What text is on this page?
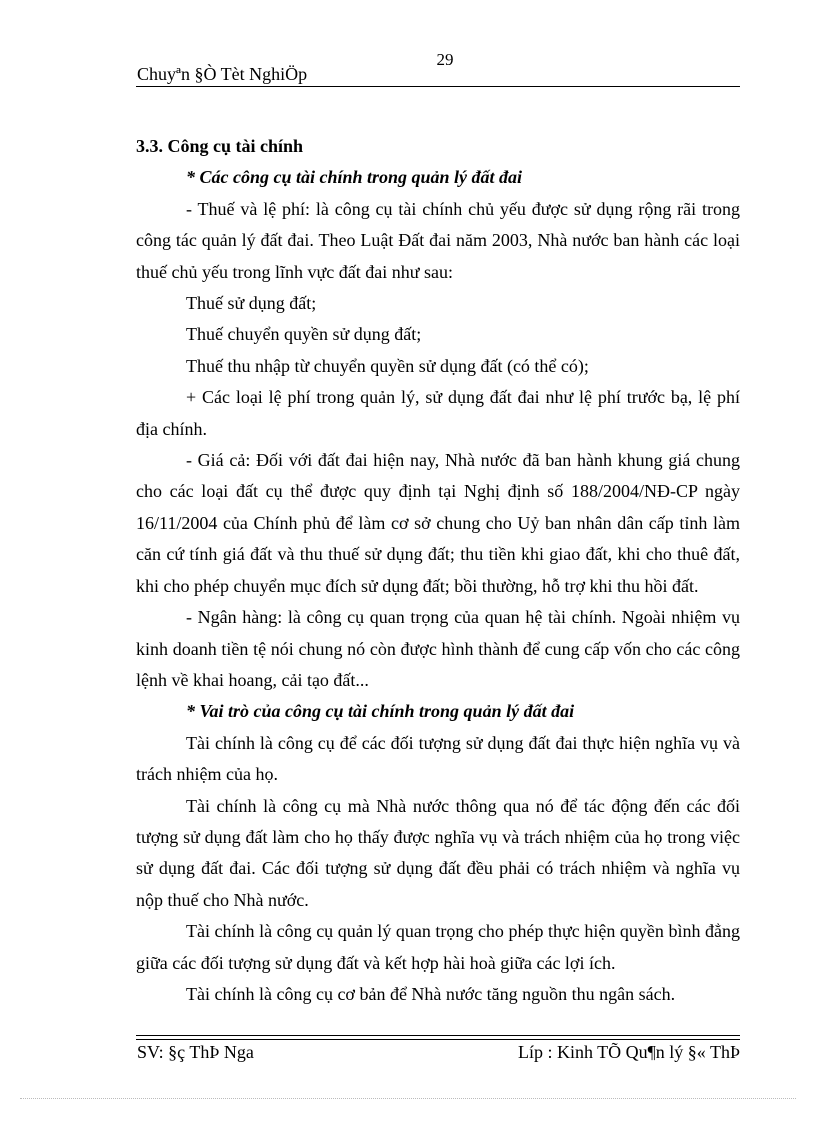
29
Chuyªn §Ò Tèt NghiÖp

3.3. Công cụ tài chính

* Các công cụ tài chính trong quản lý đất đai

- Thuế và lệ phí: là công cụ tài chính chủ yếu được sử dụng rộng rãi trong công tác quản lý đất đai. Theo Luật Đất đai năm 2003, Nhà nước ban hành các loại thuế chủ yếu trong lĩnh vực đất đai như sau:

Thuế sử dụng đất;

Thuế chuyển quyền sử dụng đất;

Thuế thu nhập từ chuyển quyền sử dụng đất (có thể có);

+ Các loại lệ phí trong quản lý, sử dụng đất đai như lệ phí trước bạ, lệ phí địa chính.

- Giá cả: Đối với đất đai hiện nay, Nhà nước đã ban hành khung giá chung cho các loại đất cụ thể được quy định tại Nghị định số 188/2004/NĐ-CP ngày 16/11/2004 của Chính phủ để làm cơ sở chung cho Uỷ ban nhân dân cấp tỉnh làm căn cứ tính giá đất và thu thuế sử dụng đất; thu tiền khi giao đất, khi cho thuê đất, khi cho phép chuyển mục đích sử dụng đất; bồi thường, hỗ trợ khi thu hồi đất.

- Ngân hàng: là công cụ quan trọng của quan hệ tài chính. Ngoài nhiệm vụ kinh doanh tiền tệ nói chung nó còn được hình thành để cung cấp vốn cho các công lệnh về khai hoang, cải tạo đất...

* Vai trò của công cụ tài chính trong quản lý đất đai

Tài chính là công cụ để các đối tượng sử dụng đất đai thực hiện nghĩa vụ và trách nhiệm của họ.

Tài chính là công cụ mà Nhà nước thông qua nó để tác động đến các đối tượng sử dụng đất làm cho họ thấy được nghĩa vụ và trách nhiệm của họ trong việc sử dụng đất đai. Các đối tượng sử dụng đất đều phải có trách nhiệm và nghĩa vụ nộp thuế cho Nhà nước.

Tài chính là công cụ quản lý quan trọng cho phép thực hiện quyền bình đẳng giữa các đối tượng sử dụng đất và kết hợp hài hoà giữa các lợi ích.

Tài chính là công cụ cơ bản để Nhà nước tăng nguồn thu ngân sách.

SV: §ç ThÞ Nga	Líp : Kinh TÕ Qu¶n lý §« ThÞ
